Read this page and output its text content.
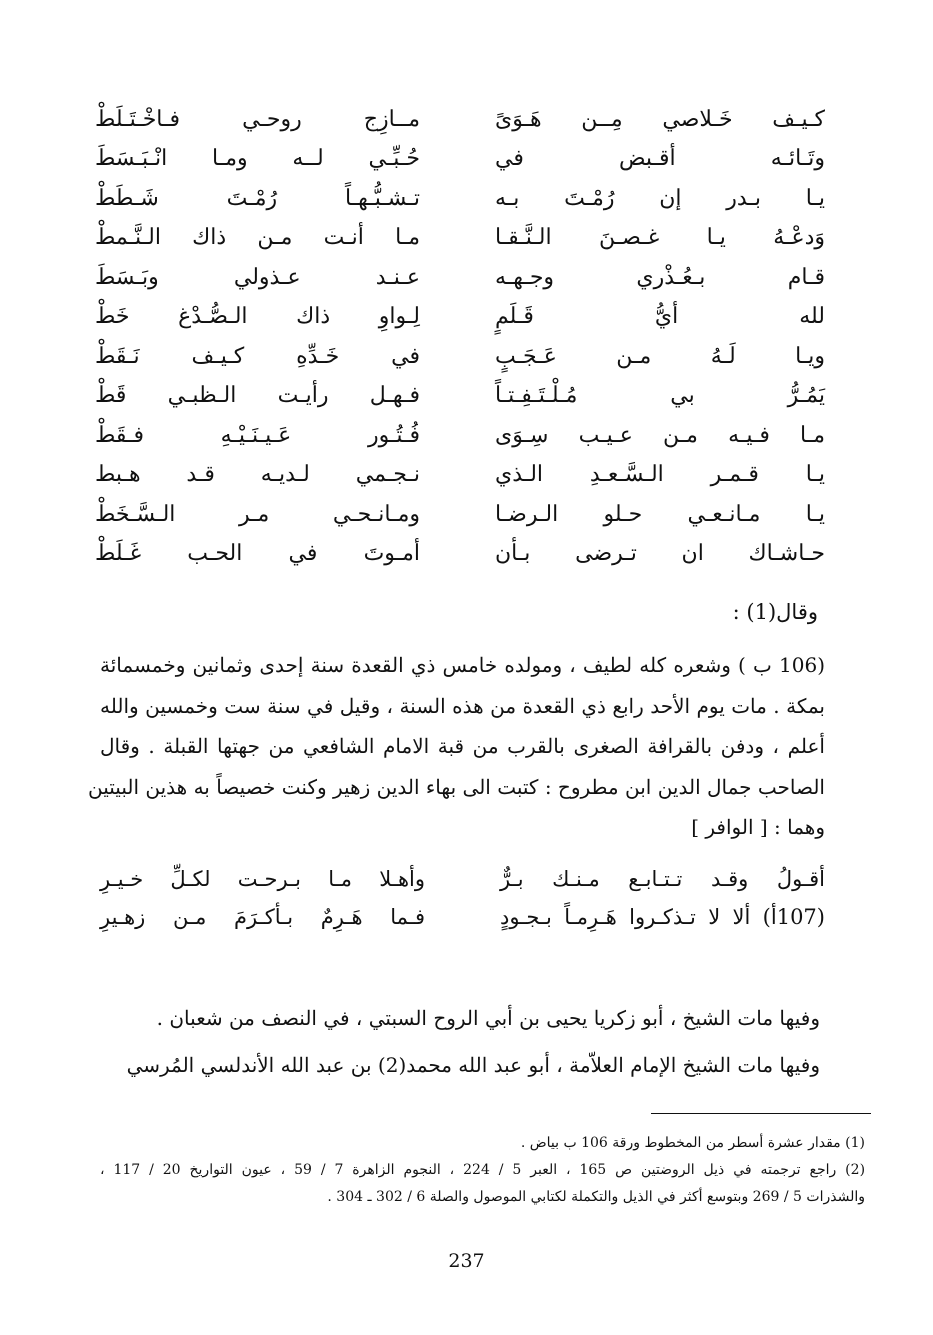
كـيـف خَـلاصي مِــن هَـوَىً
مــازِج روحـي فـاخْـتَـلَطْ
وتَـائـه أقـبض في
حُـبِّـي لــه ومـا انْـبَـسَطَ
يـا بـدر إن رُمْـتَ بـه
تـشـبُّـهـاً رُمْـتَ شَـطَطْ
وَدعْـهُ يـا غـصـنَ الـنَّـقـا
مـا أنـت مـن ذاك الـنَّـمطْ
قـام بـعُـذْري وجـهـه
عـنـد عـذولي وبَـسَطَ
لله أيُّ قَـلَمٍ
لِـواوِ ذاك الـصُّـدْغ خَطْ
ويـا لَـهُ مـن عَـجَـبٍ
في خَـدِّهِ كـيـف نَـقَطْ
يَمُـرُّ بي مُـلْـتَـفِـتـاً
فـهـل رأيـت الـظبـي قَطْ
مـا فـيـه مـن عـيـب سِـوَى
فُـتُـور عَـيـنَـيْـهِ فـقَطْ
يـا قـمـر الـسَّـعـدِ الـذي
نـجـمي لـديـه قـد هـبط
يـا مـانـعـي حـلو الـرضـا
ومـانـحـي مـر الـسَّـخَطْ
حـاشـاك ان تـرضى بـأن
أمـوتَ في الحـب غَـلَطْ
وقال(1) :
(106 ب ) وشعره كله لطيف ، ومولده خامس ذي القعدة سنة إحدى وثمانين وخمسمائة
بمكة . مات يوم الأحد رابع ذي القعدة من هذه السنة ، وقيل في سنة ست وخمسين والله
أعلم ، ودفن بالقرافة الصغرى بالقرب من قبة الامام الشافعي من جهتها القبلة . وقال
الصاحب جمال الدين ابن مطروح : كتبت الى بهاء الدين زهير وكنت خصيصاً به هذين البيتين
وهما : [ الوافر ]
أقـولُ وقـد تـتـابـع مـنـك بـرٌّ
وأهـلا مـا بـرحـت لكـلِّ خـيـرِ
(107أ) ألا لا تـذكـروا هَـرِمـاً بـجـودٍ
فـما هَـرِمٌ بـأكـرَمَ مـن زهـيرِ
وفيها مات الشيخ ، أبو زكريا يحيى بن أبي الروح السبتي ، في النصف من شعبان .
وفيها مات الشيخ الإمام العلاّمة ، أبو عبد الله محمد(2) بن عبد الله الأندلسي المُرسي
(1) مقدار عشرة أسطر من المخطوط ورقة 106 ب بياض .
(2) راجع ترجمته في ذيل الروضتين ص 165 ، العبر 5 / 224 ، النجوم الزاهرة 7 / 59 ، عيون التواريخ 20 / 117 ،
والشذرات 5 / 269 وبتوسع أكثر في الذيل والتكملة لكتابي الموصول والصلة 6 / 302 ـ 304 .
237
